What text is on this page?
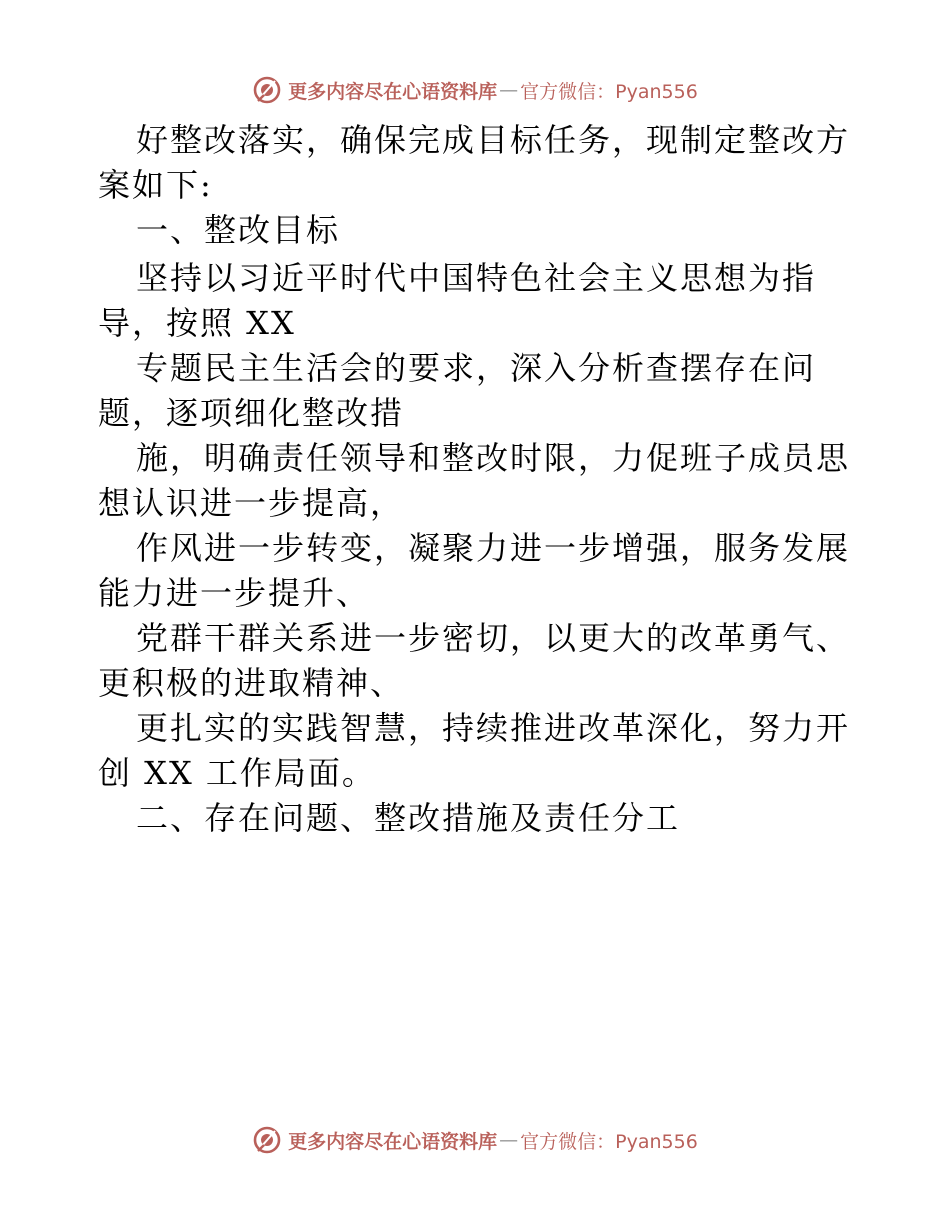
更多内容尽在心语资料库 — 官方微信：Pyan556
好整改落实，确保完成目标任务，现制定整改方
案如下:
一、整改目标
坚持以习近平时代中国特色社会主义思想为指
导，按照 XX
专题民主生活会的要求，深入分析查摆存在问
题，逐项细化整改措
施，明确责任领导和整改时限，力促班子成员思
想认识进一步提高，
作风进一步转变，凝聚力进一步增强，服务发展
能力进一步提升、
党群干群关系进一步密切，以更大的改革勇气、
更积极的进取精神、
更扎实的实践智慧，持续推进改革深化，努力开
创 XX 工作局面。
二、存在问题、整改措施及责任分工
更多内容尽在心语资料库 — 官方微信：Pyan556
